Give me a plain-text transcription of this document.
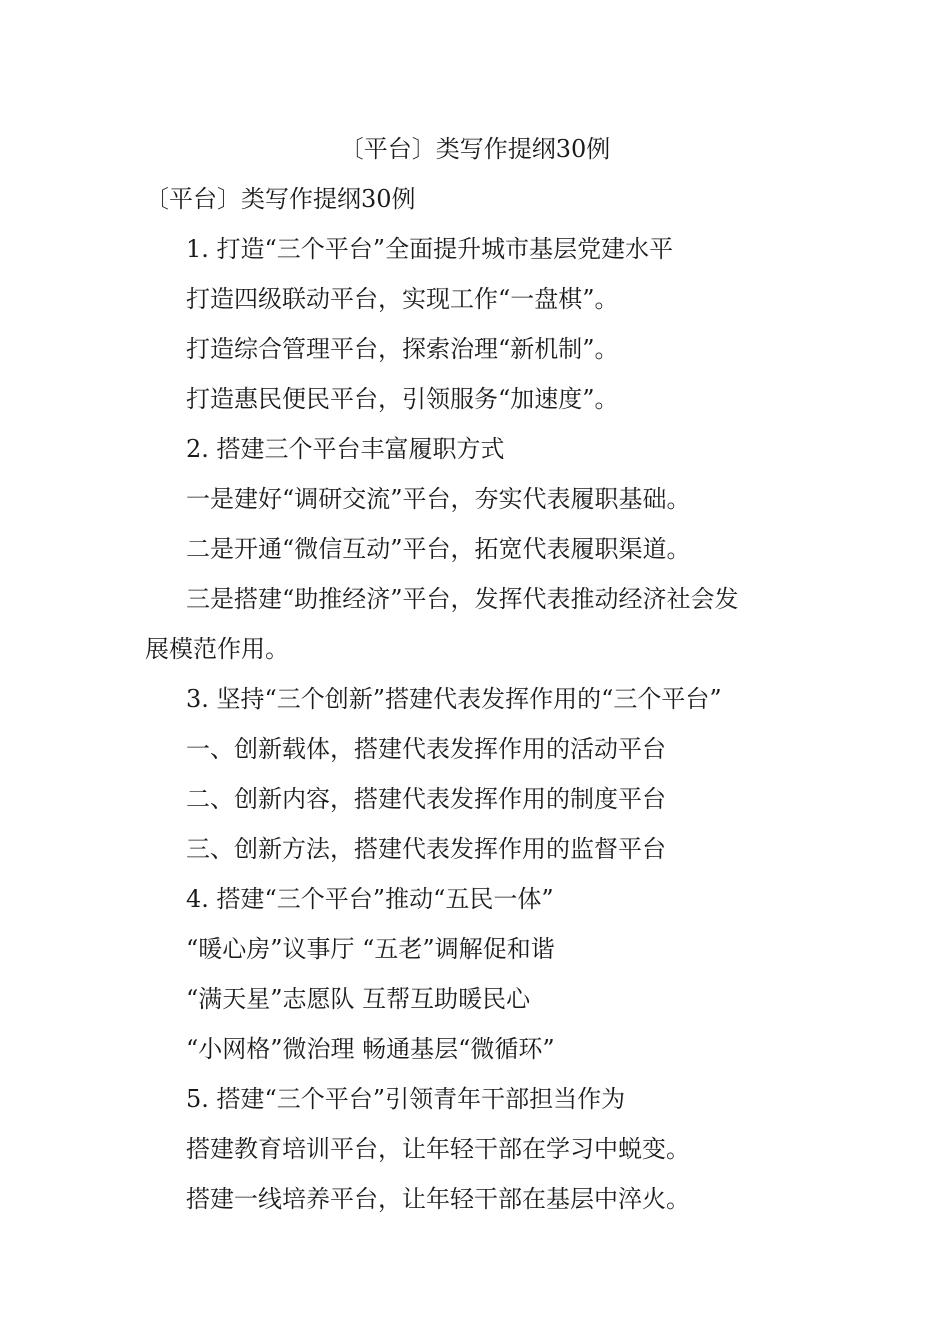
〔平台〕类写作提纲30例
〔平台〕类写作提纲30例
1. 打造“三个平台”全面提升城市基层党建水平
打造四级联动平台，实现工作“一盘棋”。
打造综合管理平台，探索治理“新机制”。
打造惠民便民平台，引领服务“加速度”。
2. 搭建三个平台丰富履职方式
一是建好“调研交流”平台，夯实代表履职基础。
二是开通“微信互动”平台，拓宽代表履职渠道。
三是搭建“助推经济”平台，发挥代表推动经济社会发
展模范作用。
3. 坚持“三个创新”搭建代表发挥作用的“三个平台”
一、创新载体，搭建代表发挥作用的活动平台
二、创新内容，搭建代表发挥作用的制度平台
三、创新方法，搭建代表发挥作用的监督平台
4. 搭建“三个平台”推动“五民一体”
“暖心房”议事厅 “五老”调解促和谐
“满天星”志愿队 互帮互助暖民心
“小网格”微治理 畅通基层“微循环”
5. 搭建“三个平台”引领青年干部担当作为
搭建教育培训平台，让年轻干部在学习中蜕变。
搭建一线培养平台，让年轻干部在基层中淬火。
